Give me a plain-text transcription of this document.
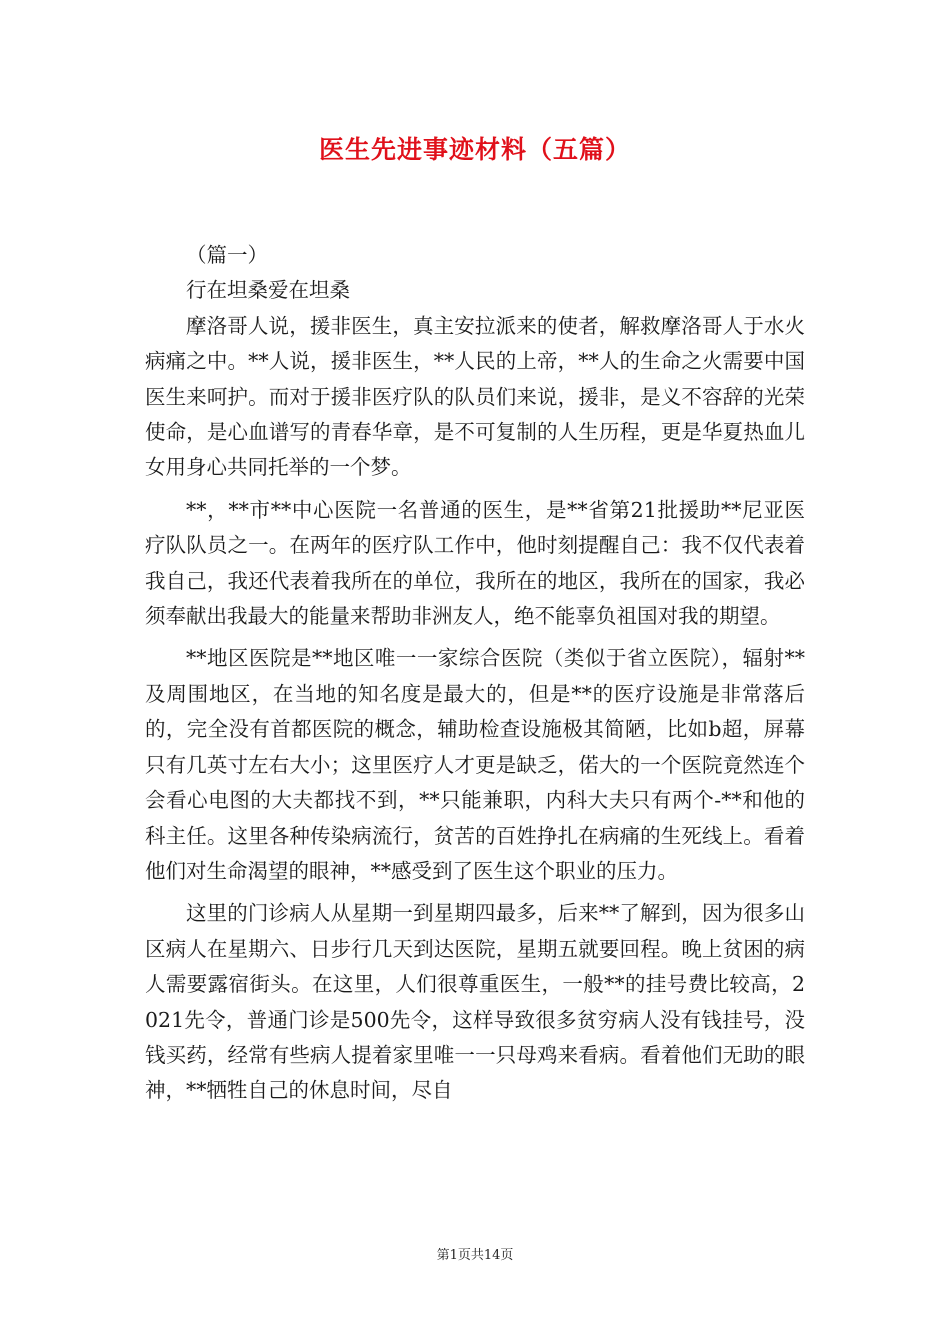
医生先进事迹材料（五篇）

（篇一）

行在坦桑爱在坦桑

摩洛哥人说，援非医生，真主安拉派来的使者，解救摩洛哥人于水火病痛之中。**人说，援非医生，**人民的上帝，**人的生命之火需要中国医生来呵护。而对于援非医疗队的队员们来说，援非，是义不容辞的光荣使命，是心血谱写的青春华章，是不可复制的人生历程，更是华夏热血儿女用身心共同托举的一个梦。

**，**市**中心医院一名普通的医生，是**省第21批援助**尼亚医疗队队员之一。在两年的医疗队工作中，他时刻提醒自己：我不仅代表着我自己，我还代表着我所在的单位，我所在的地区，我所在的国家，我必须奉献出我最大的能量来帮助非洲友人，绝不能辜负祖国对我的期望。

**地区医院是**地区唯一一家综合医院（类似于省立医院），辐射**及周围地区，在当地的知名度是最大的，但是**的医疗设施是非常落后的，完全没有首都医院的概念，辅助检查设施极其简陋，比如b超，屏幕只有几英寸左右大小；这里医疗人才更是缺乏，偌大的一个医院竟然连个会看心电图的大夫都找不到，**只能兼职，内科大夫只有两个-**和他的科主任。这里各种传染病流行，贫苦的百姓挣扎在病痛的生死线上。看着他们对生命渴望的眼神，**感受到了医生这个职业的压力。

这里的门诊病人从星期一到星期四最多，后来**了解到，因为很多山区病人在星期六、日步行几天到达医院，星期五就要回程。晚上贫困的病人需要露宿街头。在这里，人们很尊重医生，一般**的挂号费比较高，2021先令，普通门诊是500先令，这样导致很多贫穷病人没有钱挂号，没钱买药，经常有些病人提着家里唯一一只母鸡来看病。看着他们无助的眼神，**牺牲自己的休息时间，尽自

第1页共14页
